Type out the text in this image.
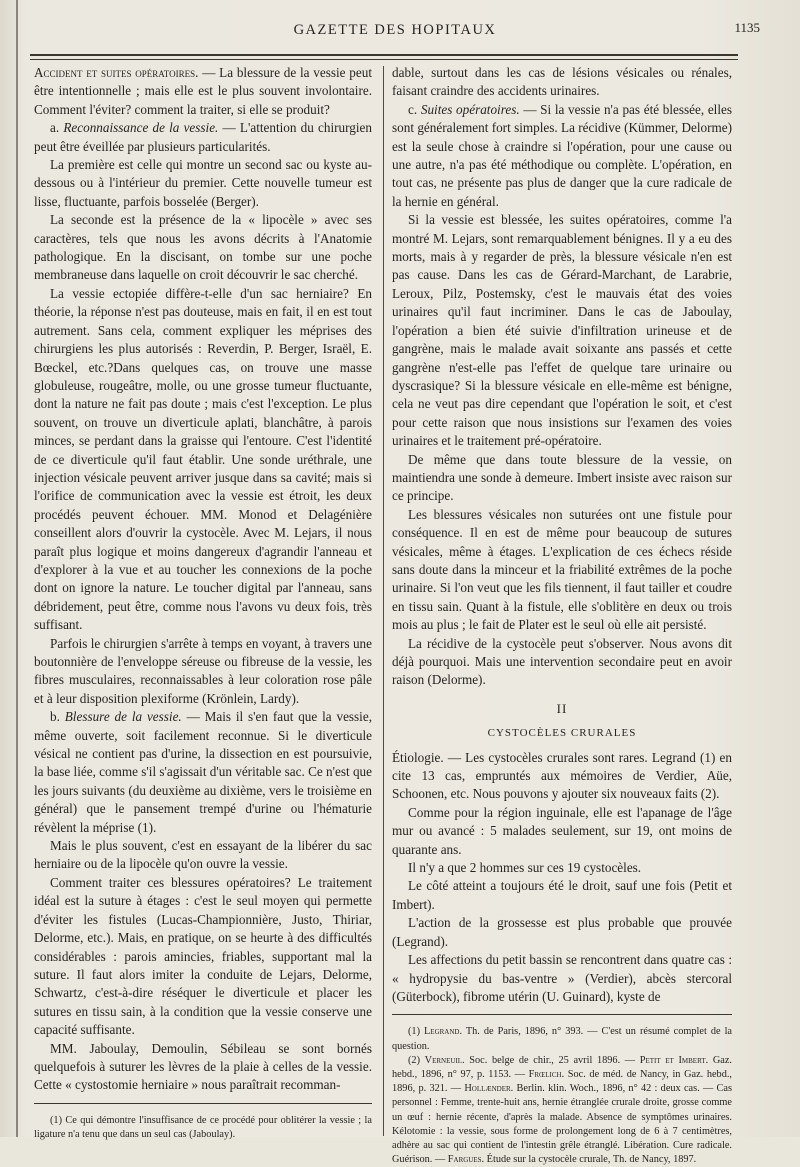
GAZETTE DES HOPITAUX	1135

Accident et suites opératoires. — La blessure de la vessie peut être intentionnelle ; mais elle est le plus souvent involontaire. Comment l'éviter? comment la traiter, si elle se produit?

a. Reconnaissance de la vessie. — L'attention du chirurgien peut être éveillée par plusieurs particularités.

La première est celle qui montre un second sac ou kyste au-dessous ou à l'intérieur du premier. Cette nouvelle tumeur est lisse, fluctuante, parfois bosselée (Berger).

La seconde est la présence de la « lipocèle » avec ses caractères, tels que nous les avons décrits à l'Anatomie pathologique. En la discisant, on tombe sur une poche membraneuse dans laquelle on croit découvrir le sac cherché.

La vessie ectopiée diffère-t-elle d'un sac herniaire? En théorie, la réponse n'est pas douteuse, mais en fait, il en est tout autrement. Sans cela, comment expliquer les méprises des chirurgiens les plus autorisés : Reverdin, P. Berger, Israël, E. Bœckel, etc.?Dans quelques cas, on trouve une masse globuleuse, rougeâtre, molle, ou une grosse tumeur fluctuante, dont la nature ne fait pas doute ; mais c'est l'exception. Le plus souvent, on trouve un diverticule aplati, blanchâtre, à parois minces, se perdant dans la graisse qui l'entoure. C'est l'identité de ce diverticule qu'il faut établir. Une sonde uréthrale, une injection vésicale peuvent arriver jusque dans sa cavité; mais si l'orifice de communication avec la vessie est étroit, les deux procédés peuvent échouer. MM. Monod et Delagénière conseillent alors d'ouvrir la cystocèle. Avec M. Lejars, il nous paraît plus logique et moins dangereux d'agrandir l'anneau et d'explorer à la vue et au toucher les connexions de la poche dont on ignore la nature. Le toucher digital par l'anneau, sans débridement, peut être, comme nous l'avons vu deux fois, très suffisant.

Parfois le chirurgien s'arrête à temps en voyant, à travers une boutonnière de l'enveloppe séreuse ou fibreuse de la vessie, les fibres musculaires, reconnaissables à leur coloration rose pâle et à leur disposition plexiforme (Krönlein, Lardy).

b. Blessure de la vessie. — Mais il s'en faut que la vessie, même ouverte, soit facilement reconnue. Si le diverticule vésical ne contient pas d'urine, la dissection en est poursuivie, la base liée, comme s'il s'agissait d'un véritable sac. Ce n'est que les jours suivants (du deuxième au dixième, vers le troisième en général) que le pansement trempé d'urine ou l'hématurie révèlent la méprise (1).

Mais le plus souvent, c'est en essayant de la libérer du sac herniaire ou de la lipocèle qu'on ouvre la vessie.

Comment traiter ces blessures opératoires? Le traitement idéal est la suture à étages : c'est le seul moyen qui permette d'éviter les fistules (Lucas-Championnière, Justo, Thiriar, Delorme, etc.). Mais, en pratique, on se heurte à des difficultés considérables : parois amincies, friables, supportant mal la suture. Il faut alors imiter la conduite de Lejars, Delorme, Schwartz, c'est-à-dire réséquer le diverticule et placer les sutures en tissu sain, à la condition que la vessie conserve une capacité suffisante.

MM. Jaboulay, Demoulin, Sébileau se sont bornés quelquefois à suturer les lèvres de la plaie à celles de la vessie. Cette « cystostomie herniaire » nous paraîtrait recomman-

(1) Ce qui démontre l'insuffisance de ce procédé pour oblitérer la vessie ; la ligature n'a tenu que dans un seul cas (Jaboulay).

dable, surtout dans les cas de lésions vésicales ou rénales, faisant craindre des accidents urinaires.

c. Suites opératoires. — Si la vessie n'a pas été blessée, elles sont généralement fort simples. La récidive (Kümmer, Delorme) est la seule chose à craindre si l'opération, pour une cause ou une autre, n'a pas été méthodique ou complète. L'opération, en tout cas, ne présente pas plus de danger que la cure radicale de la hernie en général.

Si la vessie est blessée, les suites opératoires, comme l'a montré M. Lejars, sont remarquablement bénignes. Il y a eu des morts, mais à y regarder de près, la blessure vésicale n'en est pas cause. Dans les cas de Gérard-Marchant, de Larabrie, Leroux, Pilz, Postemsky, c'est le mauvais état des voies urinaires qu'il faut incriminer. Dans le cas de Jaboulay, l'opération a bien été suivie d'infiltration urineuse et de gangrène, mais le malade avait soixante ans passés et cette gangrène n'est-elle pas l'effet de quelque tare urinaire ou dyscrasique? Si la blessure vésicale en elle-même est bénigne, cela ne veut pas dire cependant que l'opération le soit, et c'est pour cette raison que nous insistions sur l'examen des voies urinaires et le traitement pré-opératoire.

De même que dans toute blessure de la vessie, on maintiendra une sonde à demeure. Imbert insiste avec raison sur ce principe.

Les blessures vésicales non suturées ont une fistule pour conséquence. Il en est de même pour beaucoup de sutures vésicales, même à étages. L'explication de ces échecs réside sans doute dans la minceur et la friabilité extrêmes de la poche urinaire. Si l'on veut que les fils tiennent, il faut tailler et coudre en tissu sain. Quant à la fistule, elle s'oblitère en deux ou trois mois au plus ; le fait de Plater est le seul où elle ait persisté.

La récidive de la cystocèle peut s'observer. Nous avons dit déjà pourquoi. Mais une intervention secondaire peut en avoir raison (Delorme).

II
CYSTOCÈLES CRURALES

Étiologie. — Les cystocèles crurales sont rares. Legrand (1) en cite 13 cas, empruntés aux mémoires de Verdier, Aüe, Schoonen, etc. Nous pouvons y ajouter six nouveaux faits (2).

Comme pour la région inguinale, elle est l'apanage de l'âge mur ou avancé : 5 malades seulement, sur 19, ont moins de quarante ans.

Il n'y a que 2 hommes sur ces 19 cystocèles.

Le côté atteint a toujours été le droit, sauf une fois (Petit et Imbert).

L'action de la grossesse est plus probable que prouvée (Legrand).

Les affections du petit bassin se rencontrent dans quatre cas : « hydropysie du bas-ventre » (Verdier), abcès stercoral (Güterbock), fibrome utérin (U. Guinard), kyste de

(1) Legrand. Th. de Paris, 1896, n° 393. — C'est un résumé complet de la question.

(2) Verneuil. Soc. belge de chir., 25 avril 1896. — Petit et Imbert. Gaz. hebd., 1896, n° 97, p. 1153. — Frœlich. Soc. de méd. de Nancy, in Gaz. hebd., 1896, p. 321. — Hollænder. Berlin. klin. Woch., 1896, n° 42 : deux cas. — Cas personnel : Femme, trente-huit ans, hernie étranglée crurale droite, grosse comme un œuf : hernie récente, d'après la malade. Absence de symptômes urinaires. Kélotomie : la vessie, sous forme de prolongement long de 6 à 7 centimètres, adhère au sac qui contient de l'intestin grêle étranglé. Libération. Cure radicale. Guérison. — Fargues. Étude sur la cystocèle crurale, Th. de Nancy, 1897.
